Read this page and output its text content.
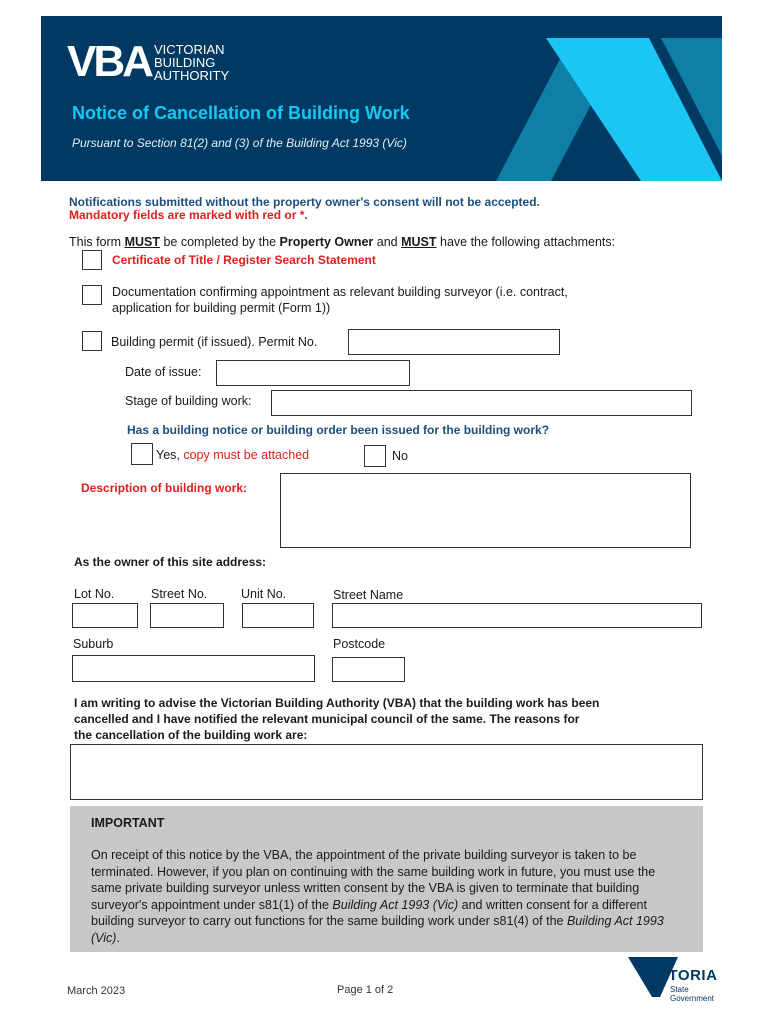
VBA VICTORIAN
BUILDING
AUTHORITY
Notice of Cancellation of Building Work
Pursuant to Section 81(2) and (3) of the Building Act 1993 (Vic)
Notifications submitted without the property owner's consent will not be accepted.
Mandatory fields are marked with red or *.
This form MUST be completed by the Property Owner and MUST have the following attachments:
Certificate of Title / Register Search Statement
Documentation confirming appointment as relevant building surveyor (i.e. contract,
application for building permit (Form 1))
Building permit (if issued). Permit No.
Date of issue:
Stage of building work:
Has a building notice or building order been issued for the building work?
Yes, copy must be attached	No
Description of building work:
As the owner of this site address:
Lot No.	Street No.	Unit No.	Street Name
Suburb	Postcode
I am writing to advise the Victorian Building Authority (VBA) that the building work has been
cancelled and I have notified the relevant municipal council of the same. The reasons for
the cancellation of the building work are:
IMPORTANT
On receipt of this notice by the VBA, the appointment of the private building surveyor is taken to be terminated. However, if you plan on continuing with the same building work in future, you must use the same private building surveyor unless written consent by the VBA is given to terminate that building surveyor's appointment under s81(1) of the Building Act 1993 (Vic) and written consent for a different building surveyor to carry out functions for the same building work under s81(4) of the Building Act 1993 (Vic).
March 2023	Page 1 of 2
VICTORIA
State
Government
